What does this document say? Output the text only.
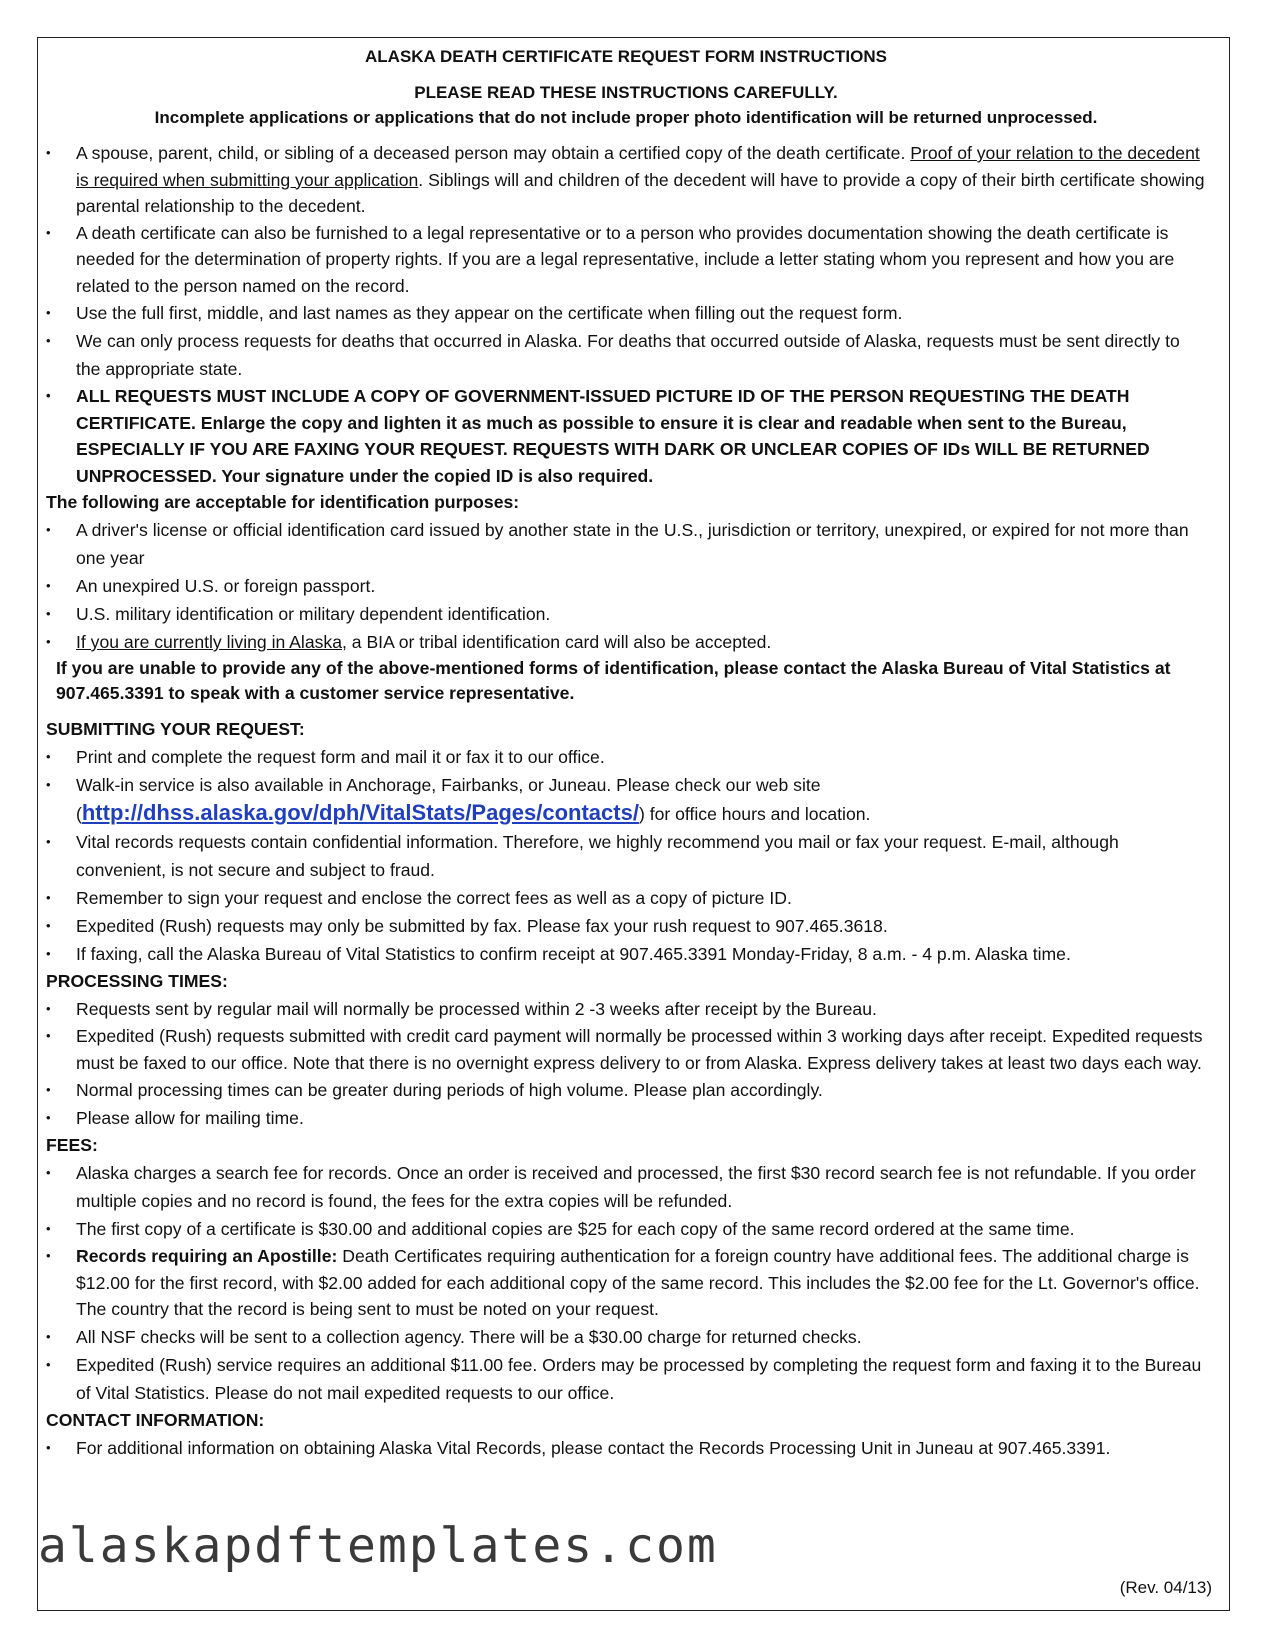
ALASKA DEATH CERTIFICATE REQUEST FORM INSTRUCTIONS

PLEASE READ THESE INSTRUCTIONS CAREFULLY.

Incomplete applications or applications that do not include proper photo identification will be returned unprocessed.

• A spouse, parent, child, or sibling of a deceased person may obtain a certified copy of the death certificate. Proof of your relation to the decedent is required when submitting your application. Siblings will and children of the decedent will have to provide a copy of their birth certificate showing parental relationship to the decedent.
• A death certificate can also be furnished to a legal representative or to a person who provides documentation showing the death certificate is needed for the determination of property rights. If you are a legal representative, include a letter stating whom you represent and how you are related to the person named on the record.
• Use the full first, middle, and last names as they appear on the certificate when filling out the request form.
• We can only process requests for deaths that occurred in Alaska. For deaths that occurred outside of Alaska, requests must be sent directly to the appropriate state.
• ALL REQUESTS MUST INCLUDE A COPY OF GOVERNMENT-ISSUED PICTURE ID OF THE PERSON REQUESTING THE DEATH CERTIFICATE. Enlarge the copy and lighten it as much as possible to ensure it is clear and readable when sent to the Bureau, ESPECIALLY IF YOU ARE FAXING YOUR REQUEST. REQUESTS WITH DARK OR UNCLEAR COPIES OF IDs WILL BE RETURNED UNPROCESSED. Your signature under the copied ID is also required.

The following are acceptable for identification purposes:

• A driver's license or official identification card issued by another state in the U.S., jurisdiction or territory, unexpired, or expired for not more than one year
• An unexpired U.S. or foreign passport.
• U.S. military identification or military dependent identification.
• If you are currently living in Alaska, a BIA or tribal identification card will also be accepted.

If you are unable to provide any of the above-mentioned forms of identification, please contact the Alaska Bureau of Vital Statistics at 907.465.3391 to speak with a customer service representative.

SUBMITTING YOUR REQUEST:

• Print and complete the request form and mail it or fax it to our office.
• Walk-in service is also available in Anchorage, Fairbanks, or Juneau. Please check our web site (http://dhss.alaska.gov/dph/VitalStats/Pages/contacts/) for office hours and location.
• Vital records requests contain confidential information. Therefore, we highly recommend you mail or fax your request. E-mail, although convenient, is not secure and subject to fraud.
• Remember to sign your request and enclose the correct fees as well as a copy of picture ID.
• Expedited (Rush) requests may only be submitted by fax. Please fax your rush request to 907.465.3618.
• If faxing, call the Alaska Bureau of Vital Statistics to confirm receipt at 907.465.3391 Monday-Friday, 8 a.m. - 4 p.m. Alaska time.

PROCESSING TIMES:

• Requests sent by regular mail will normally be processed within 2 -3 weeks after receipt by the Bureau.
• Expedited (Rush) requests submitted with credit card payment will normally be processed within 3 working days after receipt. Expedited requests must be faxed to our office. Note that there is no overnight express delivery to or from Alaska. Express delivery takes at least two days each way.
• Normal processing times can be greater during periods of high volume. Please plan accordingly.
• Please allow for mailing time.

FEES:

• Alaska charges a search fee for records. Once an order is received and processed, the first $30 record search fee is not refundable. If you order multiple copies and no record is found, the fees for the extra copies will be refunded.
• The first copy of a certificate is $30.00 and additional copies are $25 for each copy of the same record ordered at the same time.
• Records requiring an Apostille: Death Certificates requiring authentication for a foreign country have additional fees. The additional charge is $12.00 for the first record, with $2.00 added for each additional copy of the same record. This includes the $2.00 fee for the Lt. Governor's office. The country that the record is being sent to must be noted on your request.
• All NSF checks will be sent to a collection agency. There will be a $30.00 charge for returned checks.
• Expedited (Rush) service requires an additional $11.00 fee. Orders may be processed by completing the request form and faxing it to the Bureau of Vital Statistics. Please do not mail expedited requests to our office.

CONTACT INFORMATION:

• For additional information on obtaining Alaska Vital Records, please contact the Records Processing Unit in Juneau at 907.465.3391.
alaskapdftemplates.com
(Rev. 04/13)
